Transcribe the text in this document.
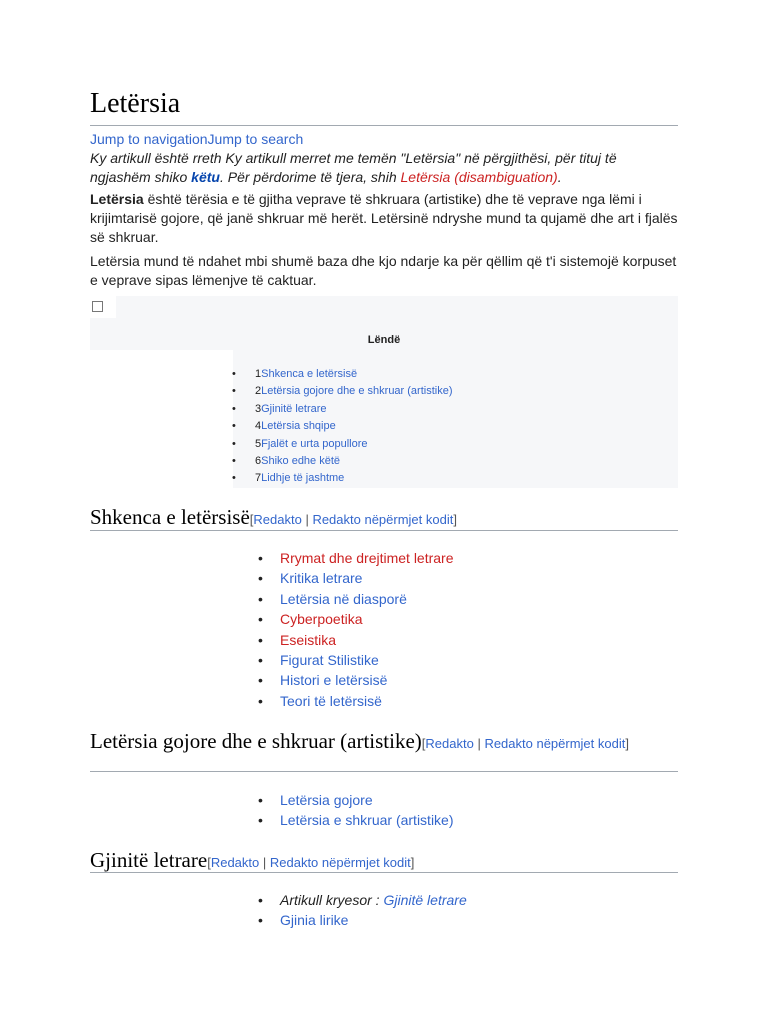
Letërsia
Jump to navigationJump to search
Ky artikull është rreth Ky artikull merret me temën "Letërsia" në përgjithësi, për tituj të ngjashëm shiko këtu. Për përdorime të tjera, shih Letërsia (disambiguation).

Letërsia është tërësia e të gjitha veprave të shkruara (artistike) dhe të veprave nga lëmi i krijimtarisë gojore, që janë shkruar më herët. Letërsinë ndryshe mund ta qujamë dhe art i fjalës së shkruar.

Letërsia mund të ndahet mbi shumë baza dhe kjo ndarje ka për qëllim që t'i sistemojë korpuset e veprave sipas lëmenjve të caktuar.

Lëndë
• 1Shkenca e letërsisë
• 2Letërsia gojore dhe e shkruar (artistike)
• 3Gjinitë letrare
• 4Letërsia shqipe
• 5Fjalët e urta popullore
• 6Shiko edhe këtë
• 7Lidhje të jashtme
Shkenca e letërsisë[Redakto | Redakto nëpërmjet kodit]
• Rrymat dhe drejtimet letrare
• Kritika letrare
• Letërsia në diasporë
• Cyberpoetika
• Eseistika
• Figurat Stilistike
• Histori e letërsisë
• Teori të letërsisë
Letërsia gojore dhe e shkruar (artistike)[Redakto | Redakto nëpërmjet kodit]
• Letërsia gojore
• Letërsia e shkruar (artistike)
Gjinitë letrare[Redakto | Redakto nëpërmjet kodit]
• Artikull kryesor : Gjinitë letrare
• Gjinia lirike
